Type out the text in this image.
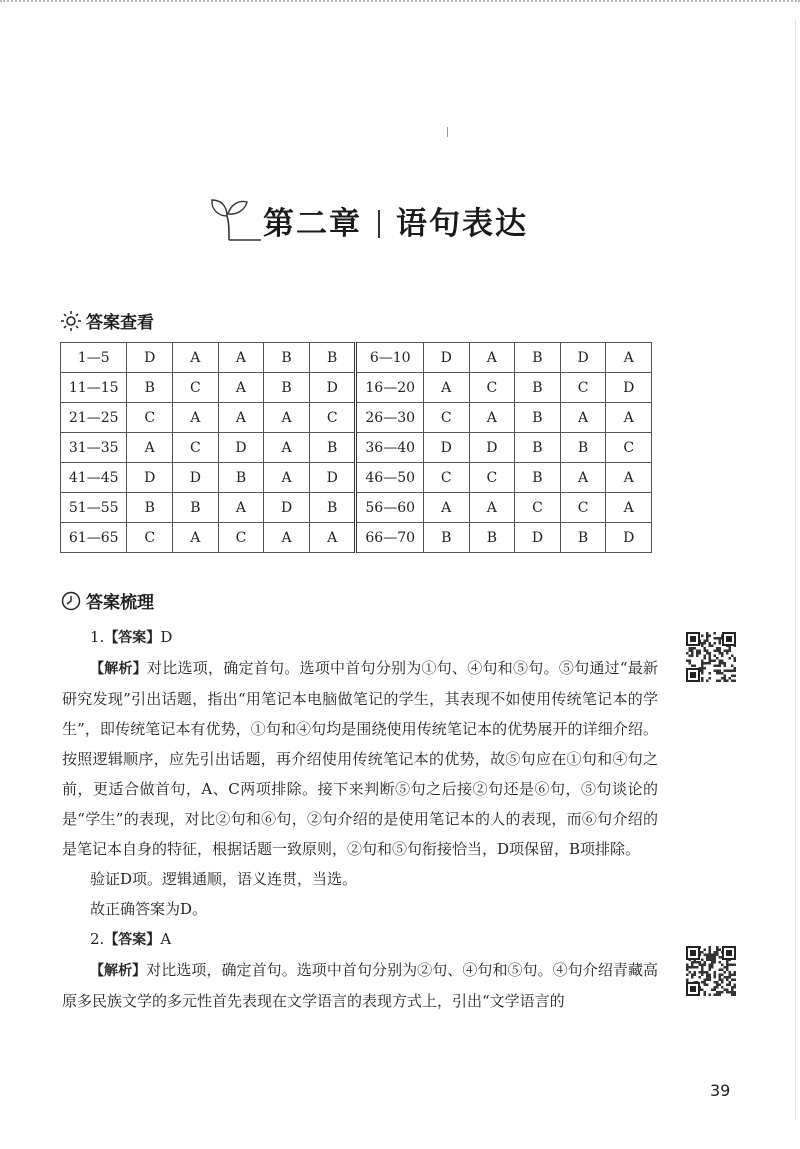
第二章 语句表达
答案查看
1—5	D	A	A	B	B	6—10	D	A	B	D	A
11—15	B	C	A	B	D	16—20	A	C	B	C	D
21—25	C	A	A	A	C	26—30	C	A	B	A	A
31—35	A	C	D	A	B	36—40	D	D	B	B	C
41—45	D	D	B	A	D	46—50	C	C	B	A	A
51—55	B	B	A	D	B	56—60	A	A	C	C	A
61—65	C	A	C	A	A	66—70	B	B	D	B	D
答案梳理

1.【答案】D

【解析】对比选项，确定首句。选项中首句分别为①句、④句和⑤句。⑤句通过“最新研究发现”引出话题，指出“用笔记本电脑做笔记的学生，其表现不如使用传统笔记本的学生”，即传统笔记本有优势，①句和④句均是围绕使用传统笔记本的优势展开的详细介绍。按照逻辑顺序，应先引出话题，再介绍使用传统笔记本的优势，故⑤句应在①句和④句之前，更适合做首句，A、C两项排除。接下来判断⑤句之后接②句还是⑥句，⑤句谈论的是“学生”的表现，对比②句和⑥句，②句介绍的是使用笔记本的人的表现，而⑥句介绍的是笔记本自身的特征，根据话题一致原则，②句和⑤句衔接恰当，D项保留，B项排除。

验证D项。逻辑通顺，语义连贯，当选。

故正确答案为D。

2.【答案】A

【解析】对比选项，确定首句。选项中首句分别为②句、④句和⑤句。④句介绍青藏高原多民族文学的多元性首先表现在文学语言的表现方式上，引出“文学语言的

39
